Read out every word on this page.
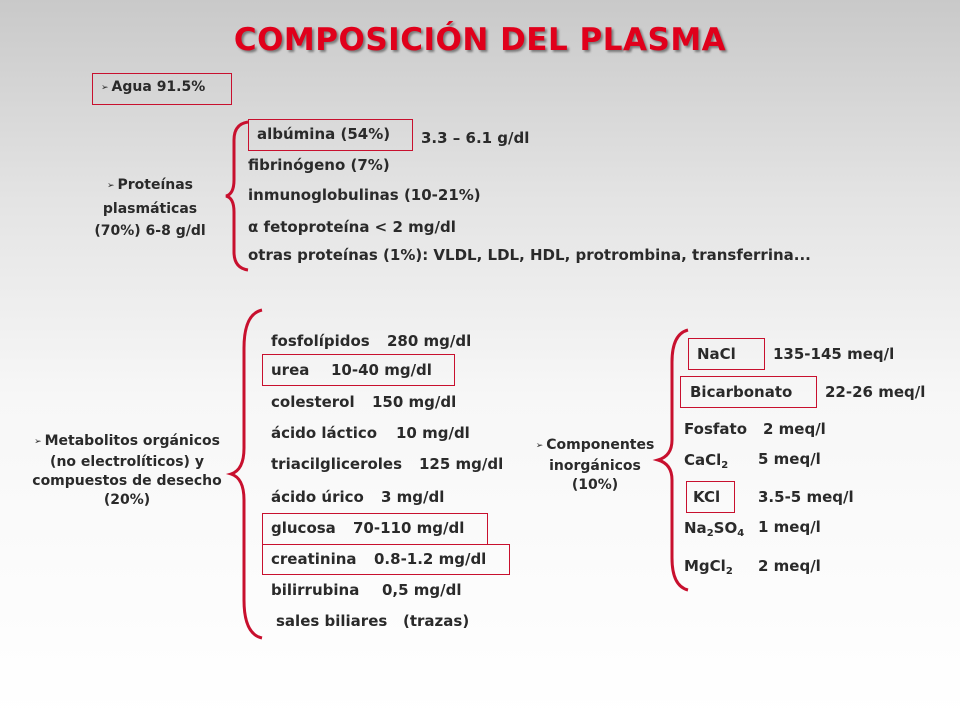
COMPOSICIÓN DEL PLASMA
➢ Agua 91.5%
➢ Proteínas
plasmáticas
(70%) 6-8 g/dl
albúmina (54%) 3.3 – 6.1 g/dl
fibrinógeno (7%)
inmunoglobulinas (10-21%)
α fetoproteína < 2 mg/dl
otras proteínas (1%): VLDL, LDL, HDL, protrombina, transferrina...
➢ Metabolitos orgánicos
(no electrolíticos) y
compuestos de desecho
(20%)
fosfolípidos 280 mg/dl
urea 10-40 mg/dl
colesterol 150 mg/dl
ácido láctico 10 mg/dl
triacilgliceroles 125 mg/dl
ácido úrico 3 mg/dl
glucosa 70-110 mg/dl
creatinina 0.8-1.2 mg/dl
bilirrubina 0,5 mg/dl
sales biliares (trazas)
➢ Componentes
inorgánicos
(10%)
NaCl 135-145 meq/l
Bicarbonato 22-26 meq/l
Fosfato 2 meq/l
CaCl$_2$ 5 meq/l
KCl	3.5-5 meq/l
$Na_2SO_4$ 1 meq/l
MgCl$_2$ 2 meq/l
